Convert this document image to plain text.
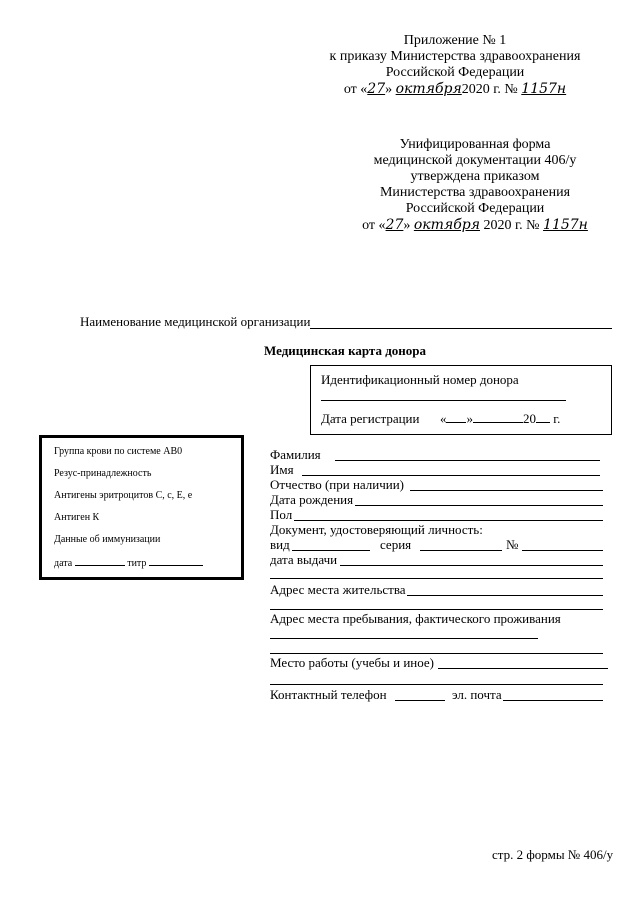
Приложение № 1
к приказу Министерства здравоохранения
Российской Федерации
от «27» октября2020 г. № 1157н
Унифицированная форма
медицинской документации 406/у
утверждена приказом
Министерства здравоохранения
Российской Федерации
от «27» октября 2020 г. № 1157н
Наименование медицинской организации
Медицинская карта донора
Идентификационный номер донора
Дата регистрации « »	20 г.
Группа крови по системе АВ0
Резус-принадлежность
Антигены эритроцитов С, с, Е, е
Антиген К
Данные об иммунизации
дата	титр
Фамилия
Имя
Отчество (при наличии)
Дата рождения
Пол
Документ, удостоверяющий личность:
вид	серия	№
дата выдачи
Адрес места жительства
Адрес места пребывания, фактического проживания
Место работы (учебы и иное)
Контактный телефон	эл. почта
стр. 2 формы № 406/у
